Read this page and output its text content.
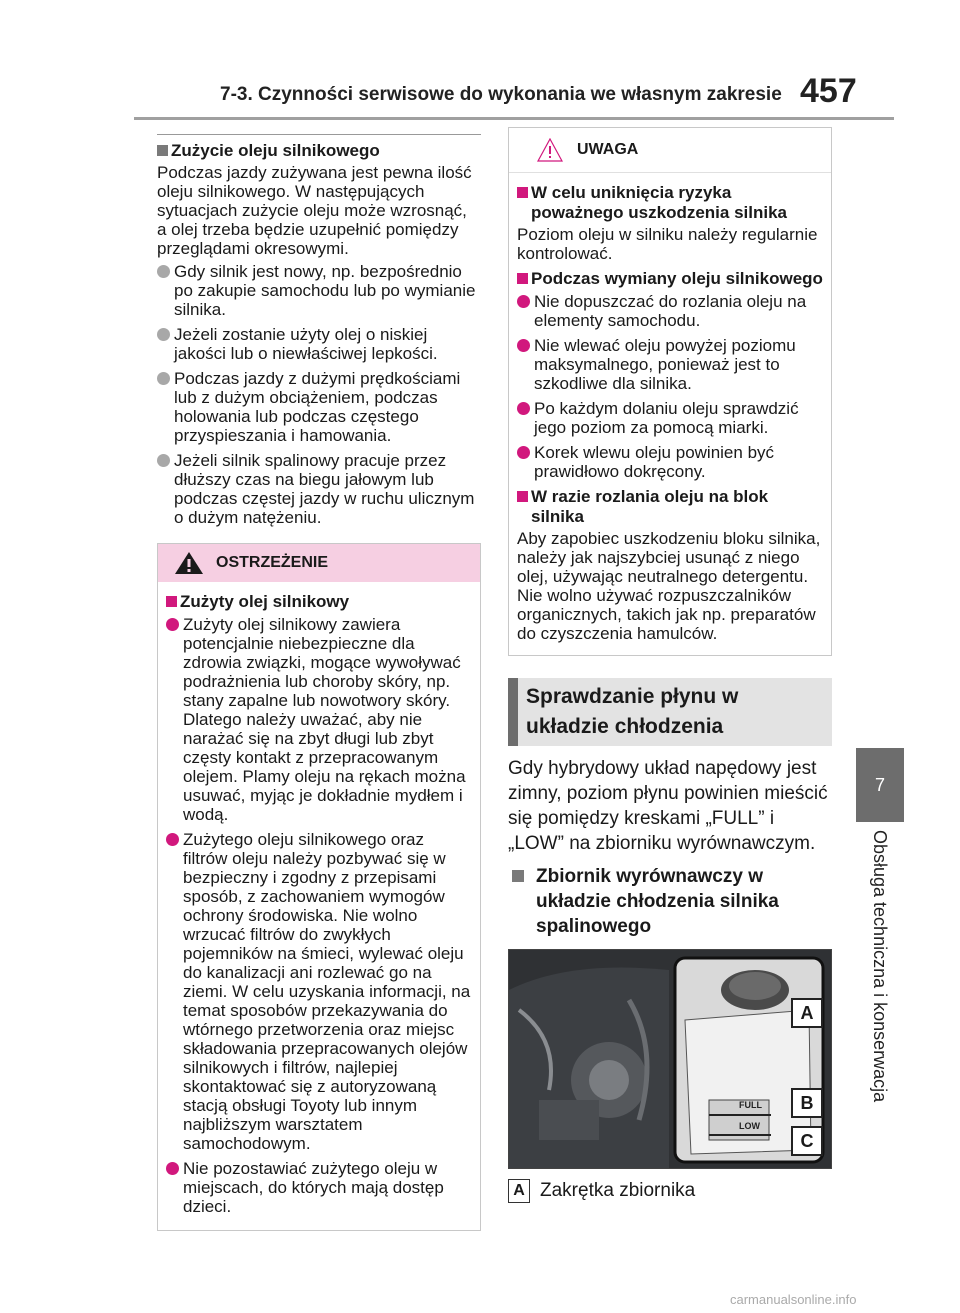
7-3. Czynności serwisowe do wykonania we własnym zakresie 457
7
Obsługa techniczna i konserwacja
Zużycie oleju silnikowego
Podczas jazdy zużywana jest pewna ilość oleju silnikowego. W następujących sytuacjach zużycie oleju może wzrosnąć, a olej trzeba będzie uzupełnić pomiędzy przeglądami okresowymi.
Gdy silnik jest nowy, np. bezpośrednio po zakupie samochodu lub po wymianie silnika.
Jeżeli zostanie użyty olej o niskiej jakości lub o niewłaściwej lepkości.
Podczas jazdy z dużymi prędkościami lub z dużym obciążeniem, podczas holowania lub podczas częstego przyspieszania i hamowania.
Jeżeli silnik spalinowy pracuje przez dłuższy czas na biegu jałowym lub podczas częstej jazdy w ruchu ulicznym o dużym natężeniu.
OSTRZEŻENIE
Zużyty olej silnikowy
Zużyty olej silnikowy zawiera potencjalnie niebezpieczne dla zdrowia związki, mogące wywoływać podrażnienia lub choroby skóry, np. stany zapalne lub nowotwory skóry. Dlatego należy uważać, aby nie narażać się na zbyt długi lub zbyt częsty kontakt z przepracowanym olejem. Plamy oleju na rękach można usuwać, myjąc je dokładnie mydłem i wodą.
Zużytego oleju silnikowego oraz filtrów oleju należy pozbywać się w bezpieczny i zgodny z przepisami sposób, z zachowaniem wymogów ochrony środowiska. Nie wolno wrzucać filtrów do zwykłych pojemników na śmieci, wylewać oleju do kanalizacji ani rozlewać go na ziemi. W celu uzyskania informacji, na temat sposobów przekazywania do wtórnego przetworzenia oraz miejsc składowania przepracowanych olejów silnikowych i filtrów, najlepiej skontaktować się z autoryzowaną stacją obsługi Toyoty lub innym najbliższym warsztatem samochodowym.
Nie pozostawiać zużytego oleju w miejscach, do których mają dostęp dzieci.
UWAGA
W celu uniknięcia ryzyka poważnego uszkodzenia silnika
Poziom oleju w silniku należy regularnie kontrolować.
Podczas wymiany oleju silnikowego
Nie dopuszczać do rozlania oleju na elementy samochodu.
Nie wlewać oleju powyżej poziomu maksymalnego, ponieważ jest to szkodliwe dla silnika.
Po każdym dolaniu oleju sprawdzić jego poziom za pomocą miarki.
Korek wlewu oleju powinien być prawidłowo dokręcony.
W razie rozlania oleju na blok silnika
Aby zapobiec uszkodzeniu bloku silnika, należy jak najszybciej usunąć z niego olej, używając neutralnego detergentu. Nie wolno używać rozpuszczalników organicznych, takich jak np. preparatów do czyszczenia hamulców.
Sprawdzanie płynu w układzie chłodzenia
Gdy hybrydowy układ napędowy jest zimny, poziom płynu powinien mieścić się pomiędzy kreskami „FULL” i „LOW” na zbiorniku wyrównawczym.
Zbiornik wyrównawczy w układzie chłodzenia silnika spalinowego
FULL
LOW
A
B
C
A Zakrętka zbiornika
carmanualsonline.info
